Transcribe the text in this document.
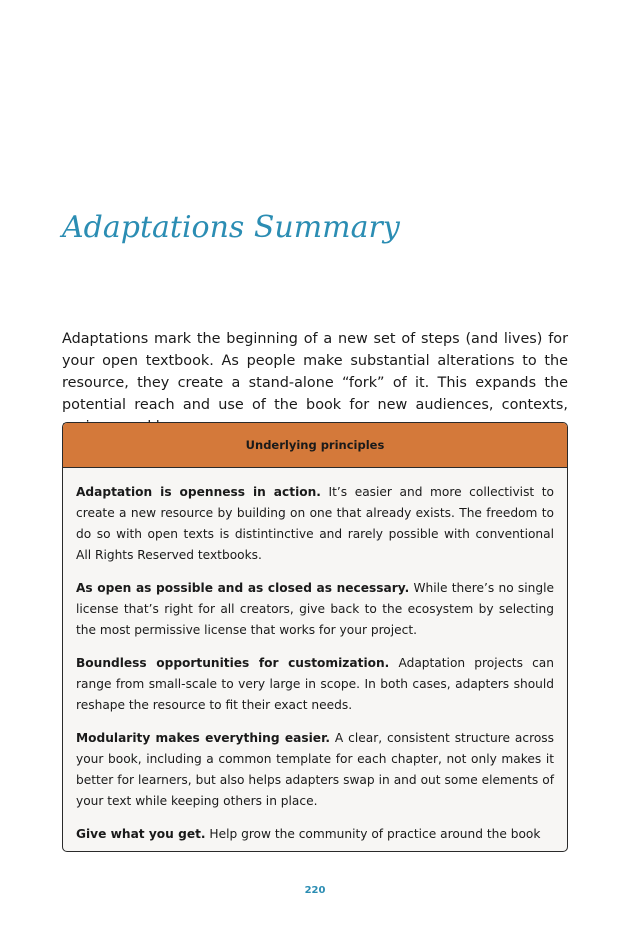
Adaptations Summary

Adaptations mark the beginning of a new set of steps (and lives) for your open textbook. As people make substantial alterations to the resource, they create a stand-alone “fork” of it. This expands the potential reach and use of the book for new audiences, contexts,

Underlying principles

Adaptation is openness in action. It’s easier and more collectivist to create a new resource by building on one that already exists. The freedom to do so with open texts is distintinctive and rarely possible with conventional All Rights Reserved textbooks.

As open as possible and as closed as necessary. While there’s no single license that’s right for all creators, give back to the ecosystem by selecting the most permissive license that works for your project.

Boundless opportunities for customization. Adaptation projects can range from small-scale to very large in scope. In both cases, adapters should reshape the resource to fit their exact needs.

Modularity makes everything easier. A clear, consistent structure across your book, including a common template for each chapter, not only makes it better for learners, but also helps adapters swap in and out some elements of your text while keeping others in place.

Give what you get. Help grow the community of practice around the book

220
